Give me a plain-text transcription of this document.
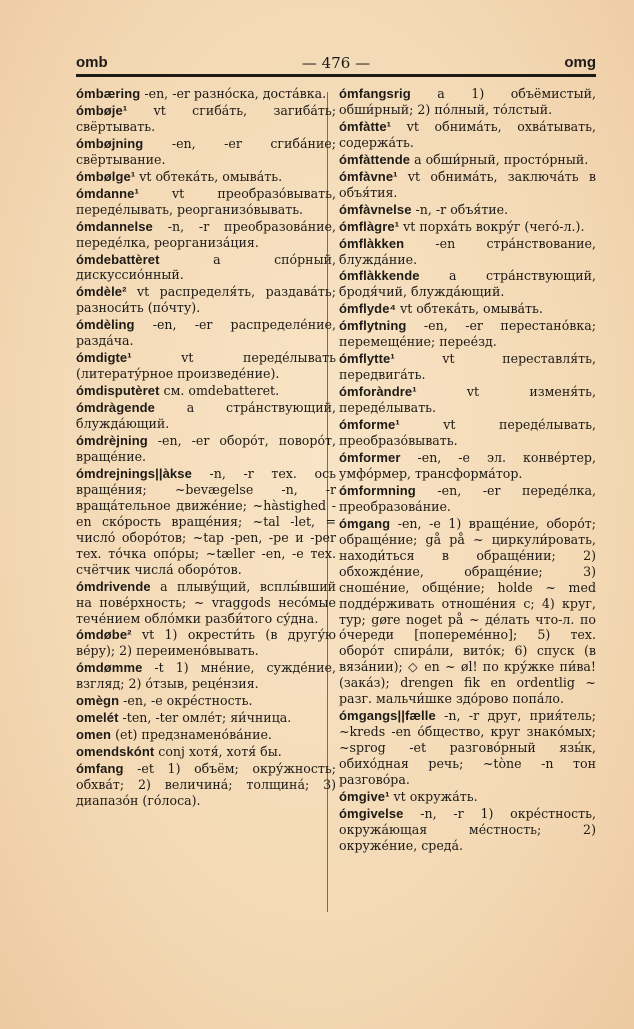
omb	— 476 —	omg
ómbæring -en, -er разно́ска, доста́вка.
ómbøje¹ vt сгиба́ть, загиба́ть; свёртывать.
ómbøjning -en, -er сгиба́ние; свёртывание.
ómbølge¹ vt обтека́ть, омыва́ть.
ómdanne¹ vt преобразо́вывать, переде́лывать, реорганизо́вывать.
ómdannelse -n, -r преобразова́ние, переде́лка, реорганиза́ция.
ómdebattèret a спо́рный, дискуссио́нный.
ómdèle² vt распределя́ть, раздава́ть; разноси́ть (по́чту).
ómdèling -en, -er распределе́ние, разда́ча.
ómdigte¹ vt переде́лывать (литерату́рное произведе́ние).
ómdisputèret см. omdebatteret.
ómdràgende a стра́нствующий, блужда́ющий.
ómdrèjning -en, -er оборо́т, поворо́т, враще́ние.
ómdrejnings||àkse -n, -r тех. ось враще́ния; ~bevægelse -n, -r враща́тельное движе́ние; ~hàstighed -en ско́рость враще́ния; ~tal -let, = число́ оборо́тов; ~tap -pen, -pe и -per тех. то́чка опо́ры; ~tæller -en, -e тех. счётчик числа́ оборо́тов.
ómdrivende a плыву́щий, всплы́вший на пове́рхность; ~ vraggods несо́мые тече́нием обло́мки разби́того су́дна.
ómdøbe² vt 1) окрести́ть (в другу́ю ве́ру); 2) переимено́вывать.
ómdømme -t 1) мне́ние, сужде́ние, взгляд; 2) о́тзыв, реце́нзия.
omègn -en, -e окре́стность.
omelét -ten, -ter омле́т; яи́чница.
omen (et) предзнамено́ва́ние.
omendskónt conj хотя́, хотя́ бы.
ómfang -et 1) объём; окру́жность; обхва́т; 2) величина́; толщина́; 3) диапазо́н (го́лоса).
ómfangsrig a 1) объёмистый, обши́рный; 2) по́лный, то́лстый.
ómfàtte¹ vt обнима́ть, охва́тывать, содержа́ть.
ómfàttende a обши́рный, просто́рный.
ómfàvne¹ vt обнима́ть, заключа́ть в объя́тия.
ómfàvnelse -n, -r объя́тие.
ómflàgre¹ vt порха́ть вокру́г (чего́-л.).
ómflàkken -en стра́нствование, блужда́ние.
ómflàkkende a стра́нствующий, бродя́чий, блужда́ющий.
ómflyde⁴ vt обтека́ть, омыва́ть.
ómflytning -en, -er перестано́вка; перемеще́ние; перее́зд.
ómflytte¹ vt переставля́ть, передвига́ть.
ómforàndre¹ vt изменя́ть, переде́лывать.
ómforme¹ vt переде́лывать, преобразо́вывать.
ómformer -en, -e эл. конве́ртер, умфо́рмер, трансформа́тор.
ómformning -en, -er переде́лка, преобразова́ние.
ómgang -en, -e 1) враще́ние, оборо́т; обраще́ние; gå på ~ циркули́ровать, находи́ться в обраще́нии; 2) обхожде́ние, обраще́ние; 3) сноше́ние, обще́ние; holde ~ med подде́рживать отноше́ния с; 4) круг, тур; gøre noget på ~ де́лать что-л. по о́череди [попереме́нно]; 5) тех. оборо́т спира́ли, вито́к; 6) спуск (в вяза́нии); ◇ en ~ øl! по кру́жке пи́ва! (зака́з); drengen fik en ordentlig ~ разг. мальчи́шке здо́рово попа́ло.
ómgangs||fælle -n, -r друг, прия́тель; ~kreds -en о́бщество, круг знако́мых; ~sprog -et разгово́рный язы́к, обихо́дная речь; ~tòne -n тон разгово́ра.
ómgive¹ vt окружа́ть.
ómgivelse -n, -r 1) окре́стность, окружа́ющая ме́стность; 2) окруже́ние, среда́.
